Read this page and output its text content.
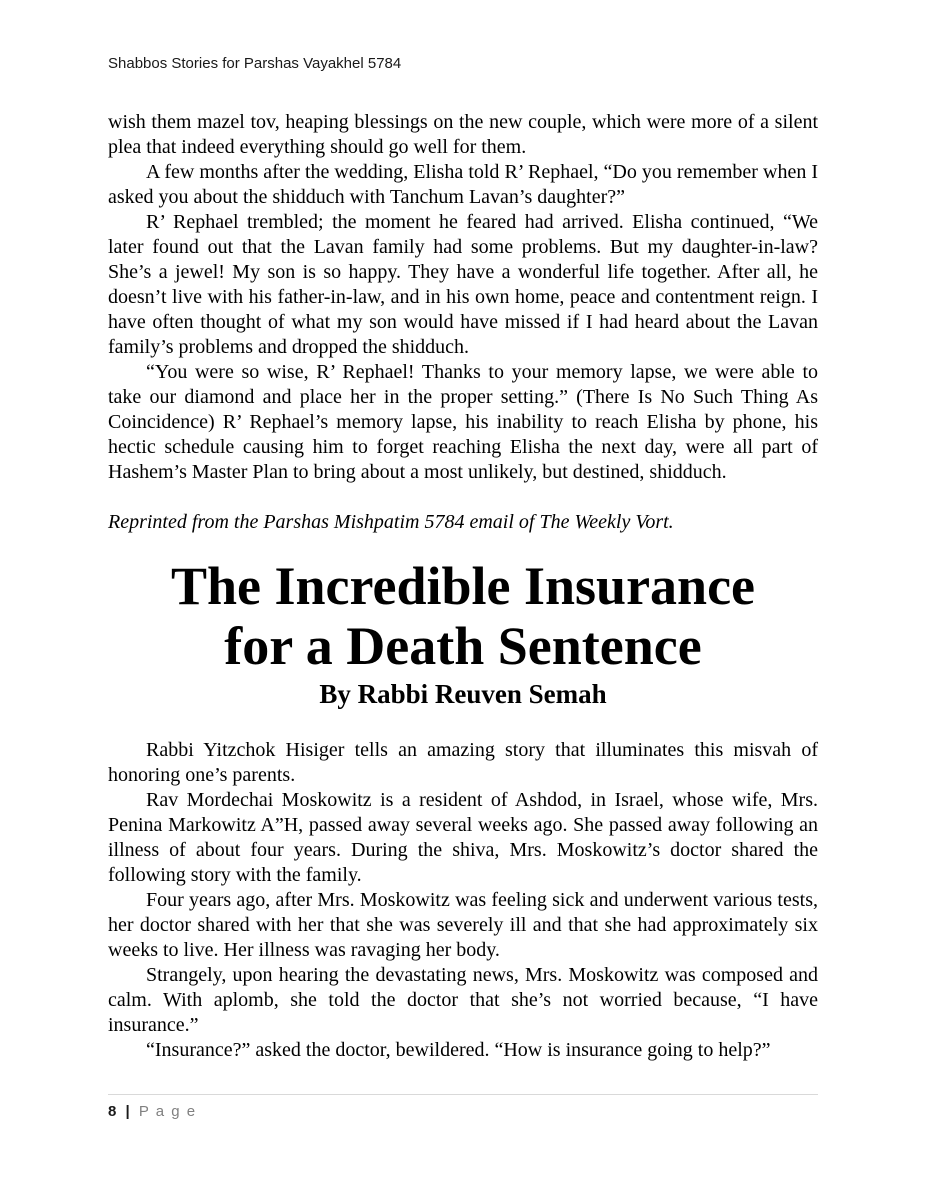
Shabbos Stories for Parshas Vayakhel 5784

wish them mazel tov, heaping blessings on the new couple, which were more of a silent plea that indeed everything should go well for them.

A few months after the wedding, Elisha told R’ Rephael, “Do you remember when I asked you about the shidduch with Tanchum Lavan’s daughter?”

R’ Rephael trembled; the moment he feared had arrived. Elisha continued, “We later found out that the Lavan family had some problems. But my daughter-in-law? She’s a jewel! My son is so happy. They have a wonderful life together. After all, he doesn’t live with his father-in-law, and in his own home, peace and contentment reign. I have often thought of what my son would have missed if I had heard about the Lavan family’s problems and dropped the shidduch.

“You were so wise, R’ Rephael! Thanks to your memory lapse, we were able to take our diamond and place her in the proper setting.” (There Is No Such Thing As Coincidence) R’ Rephael’s memory lapse, his inability to reach Elisha by phone, his hectic schedule causing him to forget reaching Elisha the next day, were all part of Hashem’s Master Plan to bring about a most unlikely, but destined, shidduch.

Reprinted from the Parshas Mishpatim 5784 email of The Weekly Vort.

The Incredible Insurance
for a Death Sentence
By Rabbi Reuven Semah

Rabbi Yitzchok Hisiger tells an amazing story that illuminates this misvah of honoring one’s parents.

Rav Mordechai Moskowitz is a resident of Ashdod, in Israel, whose wife, Mrs. Penina Markowitz A”H, passed away several weeks ago. She passed away following an illness of about four years. During the shiva, Mrs. Moskowitz’s doctor shared the following story with the family.

Four years ago, after Mrs. Moskowitz was feeling sick and underwent various tests, her doctor shared with her that she was severely ill and that she had approximately six weeks to live. Her illness was ravaging her body.

Strangely, upon hearing the devastating news, Mrs. Moskowitz was composed and calm. With aplomb, she told the doctor that she’s not worried because, “I have insurance.”

“Insurance?” asked the doctor, bewildered. “How is insurance going to help?”

8 | P a g e
